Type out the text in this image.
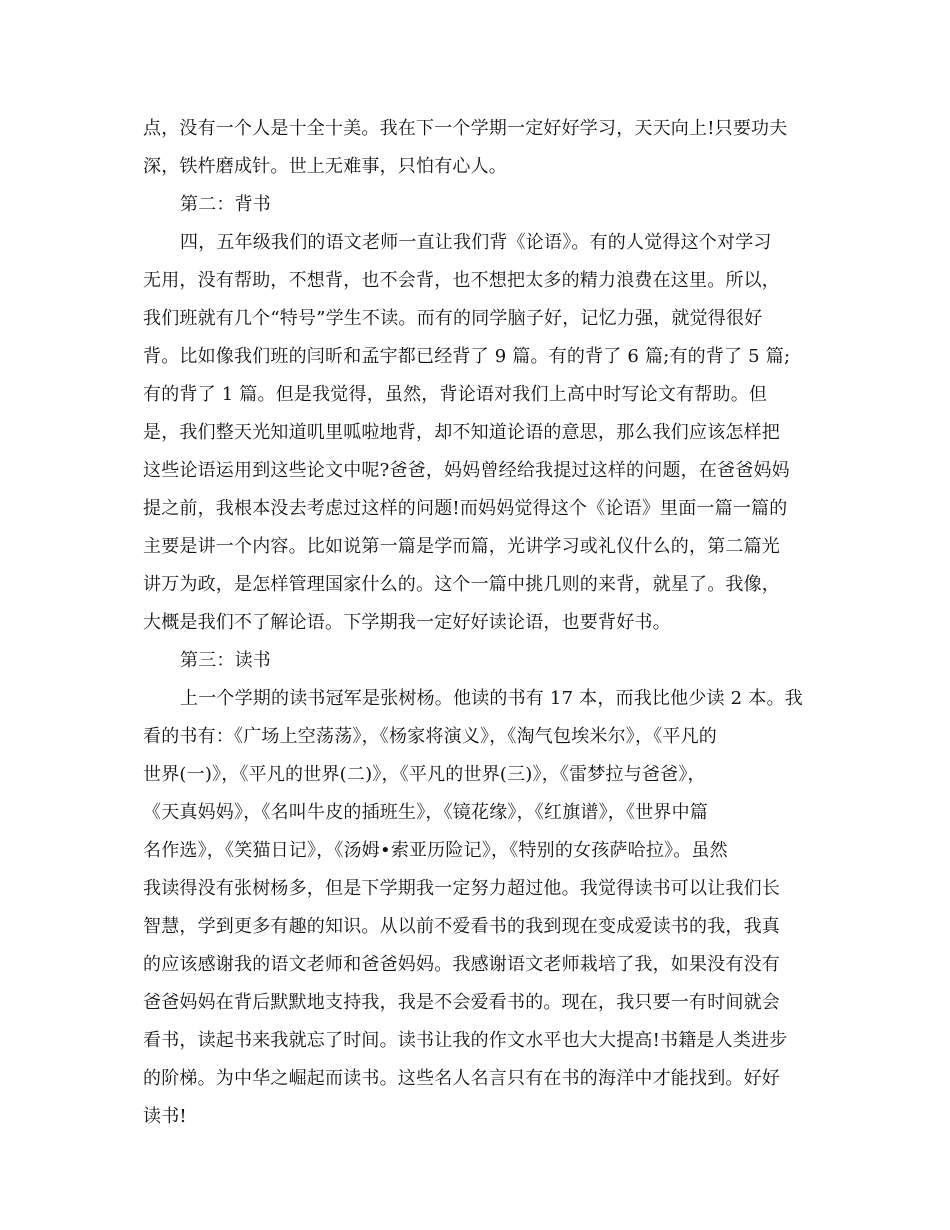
点，没有一个人是十全十美。我在下一个学期一定好好学习，天天向上!只要功夫
深，铁杵磨成针。世上无难事，只怕有心人。
第二：背书
四，五年级我们的语文老师一直让我们背《论语》。有的人觉得这个对学习
无用，没有帮助，不想背，也不会背，也不想把太多的精力浪费在这里。所以，
我们班就有几个“特号”学生不读。而有的同学脑子好，记忆力强，就觉得很好
背。比如像我们班的闫昕和孟宇都已经背了 9 篇。有的背了 6 篇;有的背了 5 篇;
有的背了 1 篇。但是我觉得，虽然，背论语对我们上高中时写论文有帮助。但
是，我们整天光知道叽里呱啦地背，却不知道论语的意思，那么我们应该怎样把
这些论语运用到这些论文中呢?爸爸，妈妈曾经给我提过这样的问题，在爸爸妈妈
提之前，我根本没去考虑过这样的问题!而妈妈觉得这个《论语》里面一篇一篇的
主要是讲一个内容。比如说第一篇是学而篇，光讲学习或礼仪什么的，第二篇光
讲万为政，是怎样管理国家什么的。这个一篇中挑几则的来背，就星了。我像，
大概是我们不了解论语。下学期我一定好好读论语，也要背好书。
第三：读书
上一个学期的读书冠军是张树杨。他读的书有 17 本，而我比他少读 2 本。我
看的书有：《广场上空荡荡》，《杨家将演义》，《淘气包埃米尔》，《平凡的
世界(一)》，《平凡的世界(二)》，《平凡的世界(三)》，《雷梦拉与爸爸》，
《天真妈妈》，《名叫牛皮的插班生》，《镜花缘》，《红旗谱》，《世界中篇
名作选》，《笑猫日记》，《汤姆•索亚历险记》，《特别的女孩萨哈拉》。虽然
我读得没有张树杨多，但是下学期我一定努力超过他。我觉得读书可以让我们长
智慧，学到更多有趣的知识。从以前不爱看书的我到现在变成爱读书的我，我真
的应该感谢我的语文老师和爸爸妈妈。我感谢语文老师栽培了我，如果没有没有
爸爸妈妈在背后默默地支持我，我是不会爱看书的。现在，我只要一有时间就会
看书，读起书来我就忘了时间。读书让我的作文水平也大大提高!书籍是人类进步
的阶梯。为中华之崛起而读书。这些名人名言只有在书的海洋中才能找到。好好
读书!
